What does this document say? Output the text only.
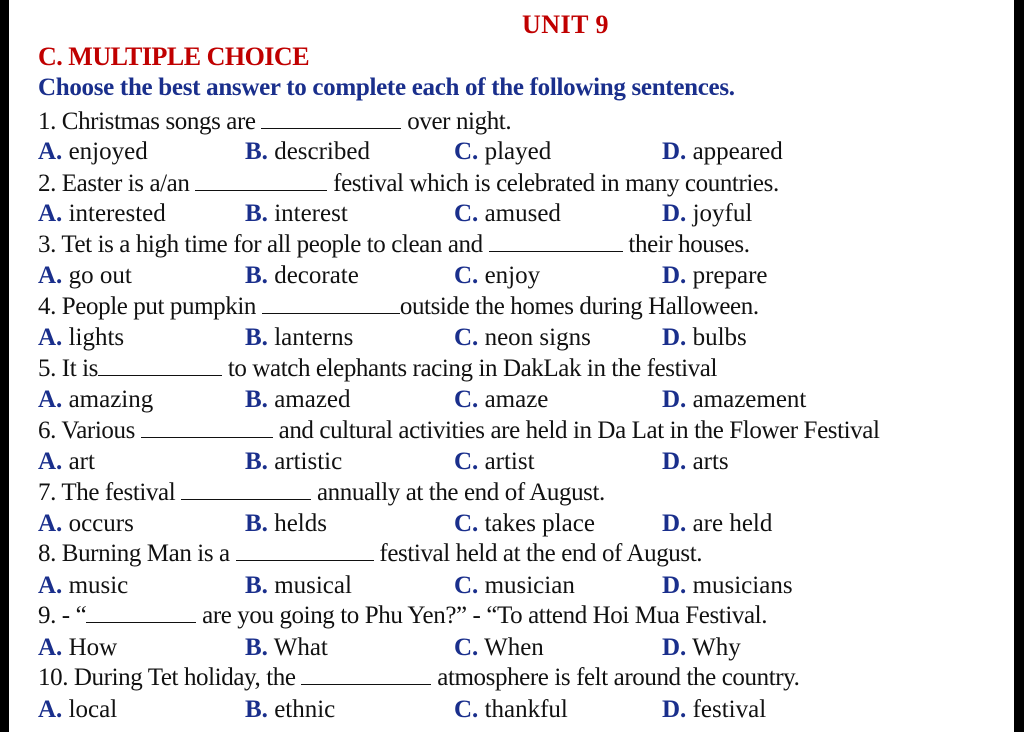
UNIT 9
C. MULTIPLE CHOICE
Choose the best answer to complete each of the following sentences.
1. Christmas songs are	over night.
A. enjoyed	B. described	C. played	D. appeared
2. Easter is a/an	festival which is celebrated in many countries.
A. interested	B. interest	C. amused	D. joyful
3. Tet is a high time for all people to clean and	their houses.
A. go out	B. decorate	C. enjoy	D. prepare
4. People put pumpkin	outside the homes during Halloween.
A. lights	B. lanterns	C. neon signs	D. bulbs
5. It is	to watch elephants racing in DakLak in the festival
A. amazing	B. amazed	C. amaze	D. amazement
6. Various	and cultural activities are held in Da Lat in the Flower Festival
A. art	B. artistic	C. artist	D. arts
7. The festival	annually at the end of August.
A. occurs	B. helds	C. takes place	D. are held
8. Burning Man is a	festival held at the end of August.
A. music	B. musical	C. musician	D. musicians
9. - “	are you going to Phu Yen?” - “To attend Hoi Mua Festival.
A. How	B. What	C. When	D. Why
10. During Tet holiday, the	atmosphere is felt around the country.
A. local	B. ethnic	C. thankful	D. festival
